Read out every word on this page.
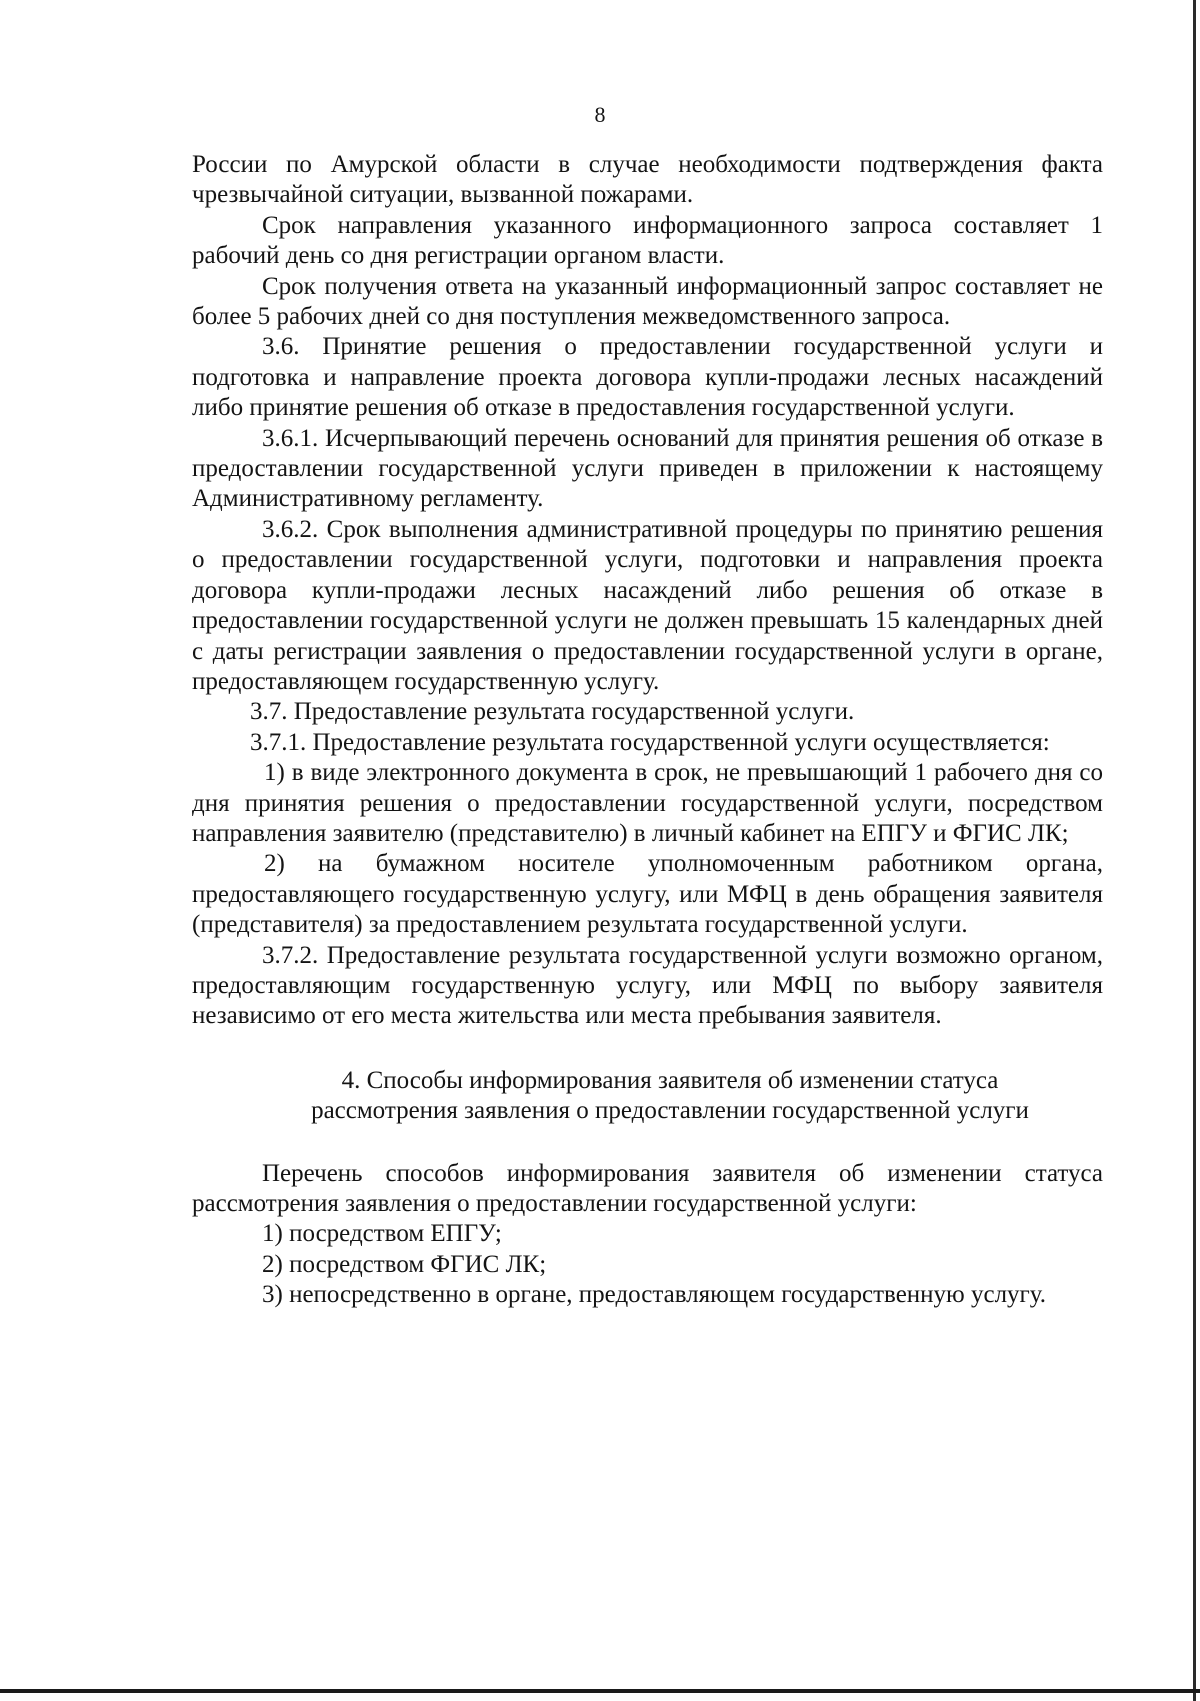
8

России по Амурской области в случае необходимости подтверждения факта чрезвычайной ситуации, вызванной пожарами.

Срок направления указанного информационного запроса составляет 1 рабочий день со дня регистрации органом власти.

Срок получения ответа на указанный информационный запрос составляет не более 5 рабочих дней со дня поступления межведомственного запроса.

3.6. Принятие решения о предоставлении государственной услуги и подготовка и направление проекта договора купли-продажи лесных насаждений либо принятие решения об отказе в предоставления государственной услуги.

3.6.1. Исчерпывающий перечень оснований для принятия решения об отказе в предоставлении государственной услуги приведен в приложении к настоящему Административному регламенту.

3.6.2. Срок выполнения административной процедуры по принятию решения о предоставлении государственной услуги, подготовки и направления проекта договора купли-продажи лесных насаждений либо решения об отказе в предоставлении государственной услуги не должен превышать 15 календарных дней с даты регистрации заявления о предоставлении государственной услуги в органе, предоставляющем государственную услугу.

3.7. Предоставление результата государственной услуги.

3.7.1. Предоставление результата государственной услуги осуществляется:

1) в виде электронного документа в срок, не превышающий 1 рабочего дня со дня принятия решения о предоставлении государственной услуги, посредством направления заявителю (представителю) в личный кабинет на ЕПГУ и ФГИС ЛК;

2) на бумажном носителе уполномоченным работником органа, предоставляющего государственную услугу, или МФЦ в день обращения заявителя (представителя) за предоставлением результата государственной услуги.

3.7.2. Предоставление результата государственной услуги возможно органом, предоставляющим государственную услугу, или МФЦ по выбору заявителя независимо от его места жительства или места пребывания заявителя.

4. Способы информирования заявителя об изменении статуса
рассмотрения заявления о предоставлении государственной услуги

Перечень способов информирования заявителя об изменении статуса рассмотрения заявления о предоставлении государственной услуги:

1) посредством ЕПГУ;

2) посредством ФГИС ЛК;

3) непосредственно в органе, предоставляющем государственную услугу.
